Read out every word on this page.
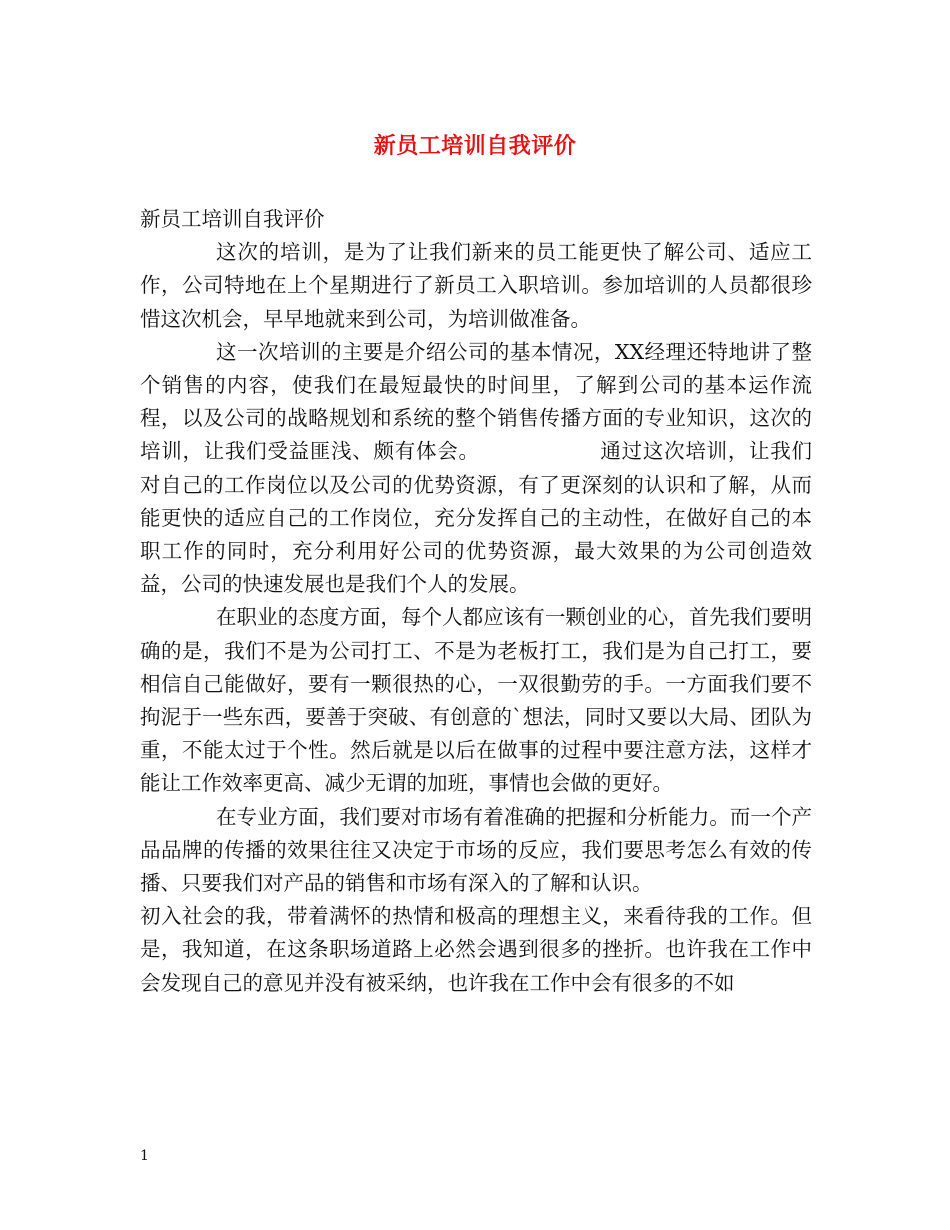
新员工培训自我评价

新员工培训自我评价

这次的培训，是为了让我们新来的员工能更快了解公司、适应工作，公司特地在上个星期进行了新员工入职培训。参加培训的人员都很珍惜这次机会，早早地就来到公司，为培训做准备。

这一次培训的主要是介绍公司的基本情况，XX经理还特地讲了整个销售的内容，使我们在最短最快的时间里，了解到公司的基本运作流程，以及公司的战略规划和系统的整个销售传播方面的专业知识，这次的培训，让我们受益匪浅、颇有体会。	通过这次培训，让我们对自己的工作岗位以及公司的优势资源，有了更深刻的认识和了解，从而能更快的适应自己的工作岗位，充分发挥自己的主动性，在做好自己的本职工作的同时，充分利用好公司的优势资源，最大效果的为公司创造效益，公司的快速发展也是我们个人的发展。

在职业的态度方面，每个人都应该有一颗创业的心，首先我们要明确的是，我们不是为公司打工、不是为老板打工，我们是为自己打工，要相信自己能做好，要有一颗很热的心，一双很勤劳的手。一方面我们要不拘泥于一些东西，要善于突破、有创意的`想法，同时又要以大局、团队为重，不能太过于个性。然后就是以后在做事的过程中要注意方法，这样才能让工作效率更高、减少无谓的加班，事情也会做的更好。

在专业方面，我们要对市场有着准确的把握和分析能力。而一个产品品牌的传播的效果往往又决定于市场的反应，我们要思考怎么有效的传播、只要我们对产品的销售和市场有深入的了解和认识。

初入社会的我，带着满怀的热情和极高的理想主义，来看待我的工作。但是，我知道，在这条职场道路上必然会遇到很多的挫折。也许我在工作中会发现自己的意见并没有被采纳，也许我在工作中会有很多的不如

1
